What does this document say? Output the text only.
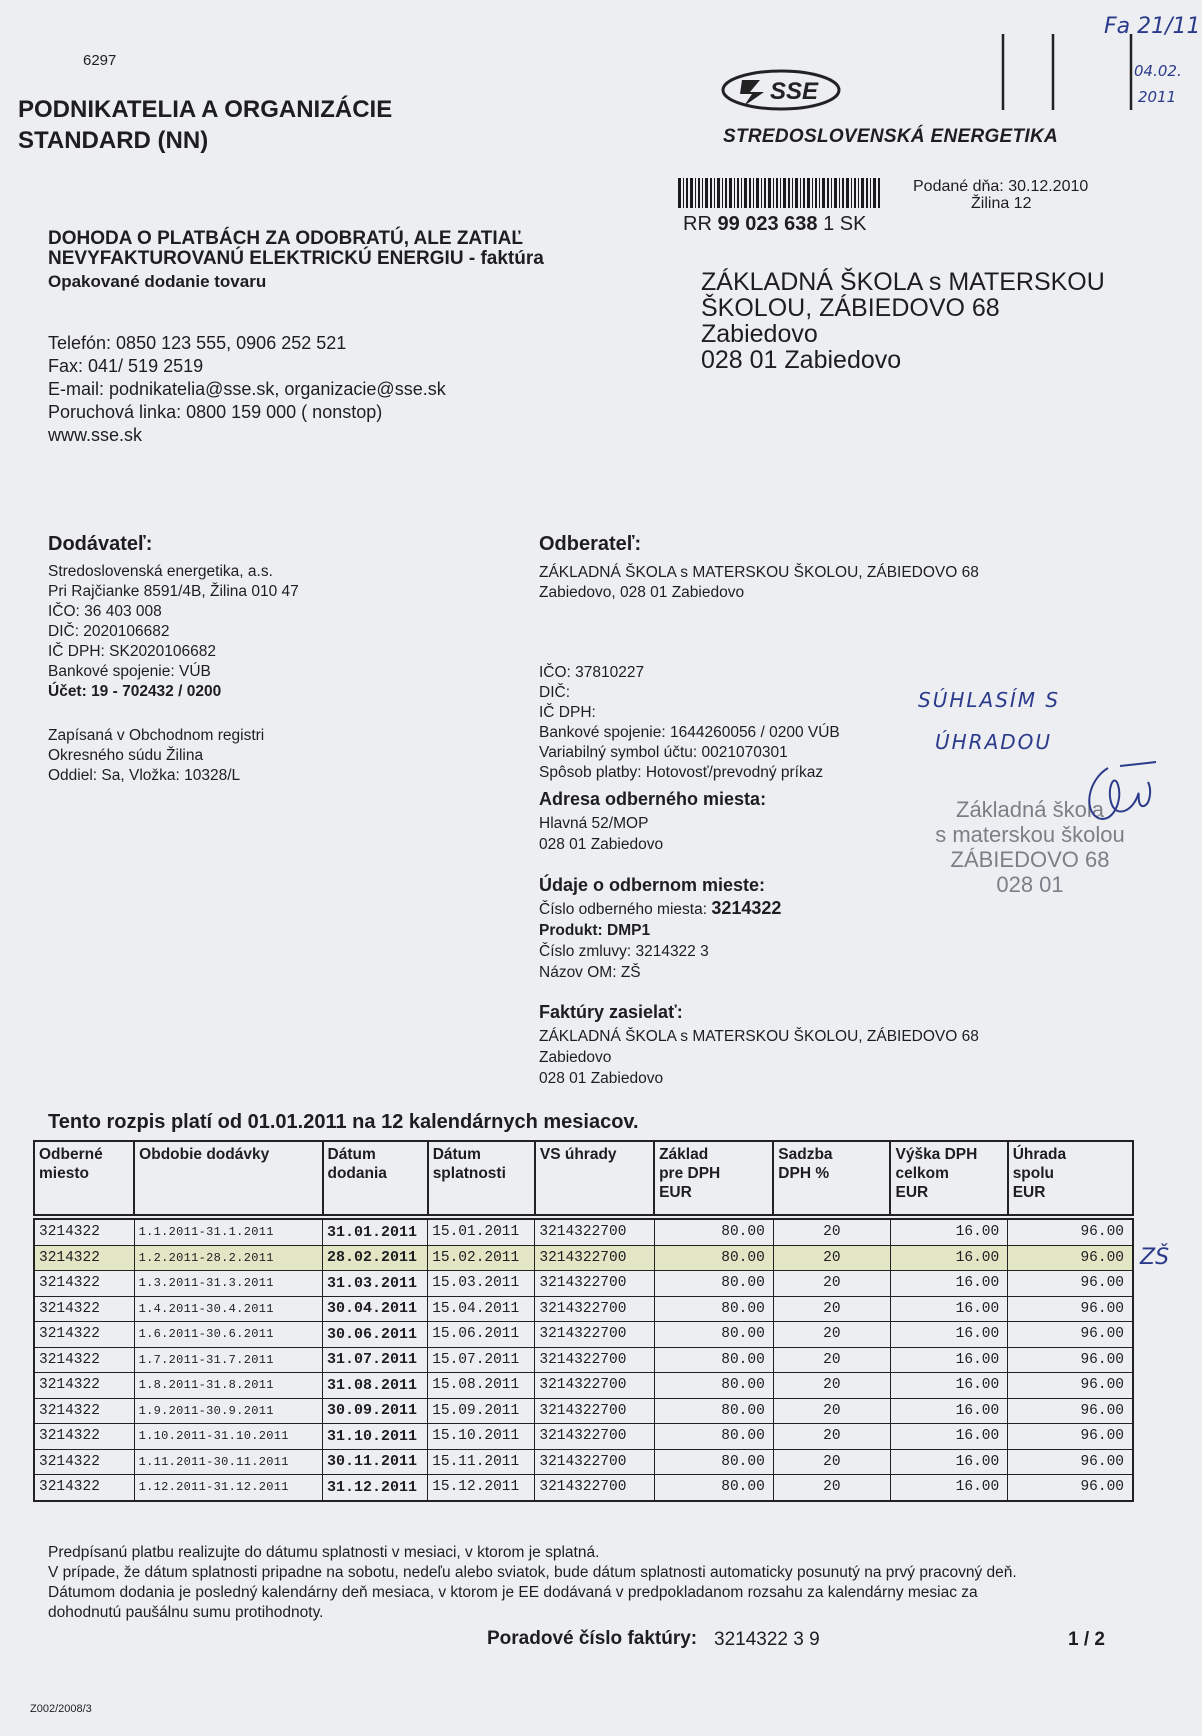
6297
PODNIKATELIA A ORGANIZÁCIE
STANDARD (NN)
SSE
STREDOSLOVENSKÁ ENERGETIKA
Fa 21/11
04.02.
2011
RR 99 023 638 1 SK
Podané dňa: 30.12.2010
Žilina 12
DOHODA O PLATBÁCH ZA ODOBRATÚ, ALE ZATIAĽ
NEVYFAKTUROVANÚ ELEKTRICKÚ ENERGIU - faktúra
Opakované dodanie tovaru	ZÁKLADNÁ ŠKOLA s MATERSKOU
ŠKOLOU, ZÁBIEDOVO 68
Zabiedovo
028 01 Zabiedovo
Telefón: 0850 123 555, 0906 252 521
Fax: 041/ 519 2519
E-mail: podnikatelia@sse.sk, organizacie@sse.sk
Poruchová linka: 0800 159 000 ( nonstop)
www.sse.sk
Dodávateľ:
Stredoslovenská energetika, a.s.
Pri Rajčianke 8591/4B, Žilina 010 47
IČO: 36 403 008
DIČ: 2020106682
IČ DPH: SK2020106682
Bankové spojenie: VÚB
Účet: 19 - 702432 / 0200
Zapísaná v Obchodnom registri
Okresného súdu Žilina
Oddiel: Sa, Vložka: 10328/L
Odberateľ:
ZÁKLADNÁ ŠKOLA s MATERSKOU ŠKOLOU, ZÁBIEDOVO 68
Zabiedovo, 028 01 Zabiedovo
IČO: 37810227
DIČ:
IČ DPH:
Bankové spojenie: 1644260056 / 0200 VÚB
Variabilný symbol účtu: 0021070301
Spôsob platby: Hotovosť/prevodný príkaz
Adresa odberného miesta:
Hlavná 52/MOP
028 01 Zabiedovo
Údaje o odbernom mieste:
Číslo odberného miesta: 3214322
Produkt: DMP1
Číslo zmluvy: 3214322 3
Názov OM: ZŠ
Faktúry zasielať:
ZÁKLADNÁ ŠKOLA s MATERSKOU ŠKOLOU, ZÁBIEDOVO 68
Zabiedovo
028 01 Zabiedovo
SÚHLASÍM S
ÚHRADOU
Základná škola
s materskou školou
ZÁBIEDOVO 68
028 01
Tento rozpis platí od 01.01.2011 na 12 kalendárnych mesiacov.
Odberné
miesto	Obdobie dodávky	Dátum
dodania	Dátum
splatnosti	VS úhrady	Základ
pre DPH
EUR	Sadzba
DPH %	Výška DPH
celkom
EUR	Úhrada
spolu
EUR
3214322	1.1.2011-31.1.2011	31.01.2011	15.01.2011	3214322700	80.00	20	16.00	96.00
3214322	1.2.2011-28.2.2011	28.02.2011	15.02.2011	3214322700	80.00	20	16.00	96.00
3214322	1.3.2011-31.3.2011	31.03.2011	15.03.2011	3214322700	80.00	20	16.00	96.00
3214322	1.4.2011-30.4.2011	30.04.2011	15.04.2011	3214322700	80.00	20	16.00	96.00
3214322	1.6.2011-30.6.2011	30.06.2011	15.06.2011	3214322700	80.00	20	16.00	96.00
3214322	1.7.2011-31.7.2011	31.07.2011	15.07.2011	3214322700	80.00	20	16.00	96.00
3214322	1.8.2011-31.8.2011	31.08.2011	15.08.2011	3214322700	80.00	20	16.00	96.00
3214322	1.9.2011-30.9.2011	30.09.2011	15.09.2011	3214322700	80.00	20	16.00	96.00
3214322	1.10.2011-31.10.2011	31.10.2011	15.10.2011	3214322700	80.00	20	16.00	96.00
3214322	1.11.2011-30.11.2011	30.11.2011	15.11.2011	3214322700	80.00	20	16.00	96.00
3214322	1.12.2011-31.12.2011	31.12.2011	15.12.2011	3214322700	80.00	20	16.00	96.00
ZŠ
Predpísanú platbu realizujte do dátumu splatnosti v mesiaci, v ktorom je splatná.
V prípade, že dátum splatnosti pripadne na sobotu, nedeľu alebo sviatok, bude dátum splatnosti automaticky posunutý na prvý pracovný deň.
Dátumom dodania je posledný kalendárny deň mesiaca, v ktorom je EE dodávaná v predpokladanom rozsahu za kalendárny mesiac za
dohodnutú paušálnu sumu protihodnoty.
Poradové číslo faktúry: 3214322 3 9	1 / 2
Z002/2008/3
